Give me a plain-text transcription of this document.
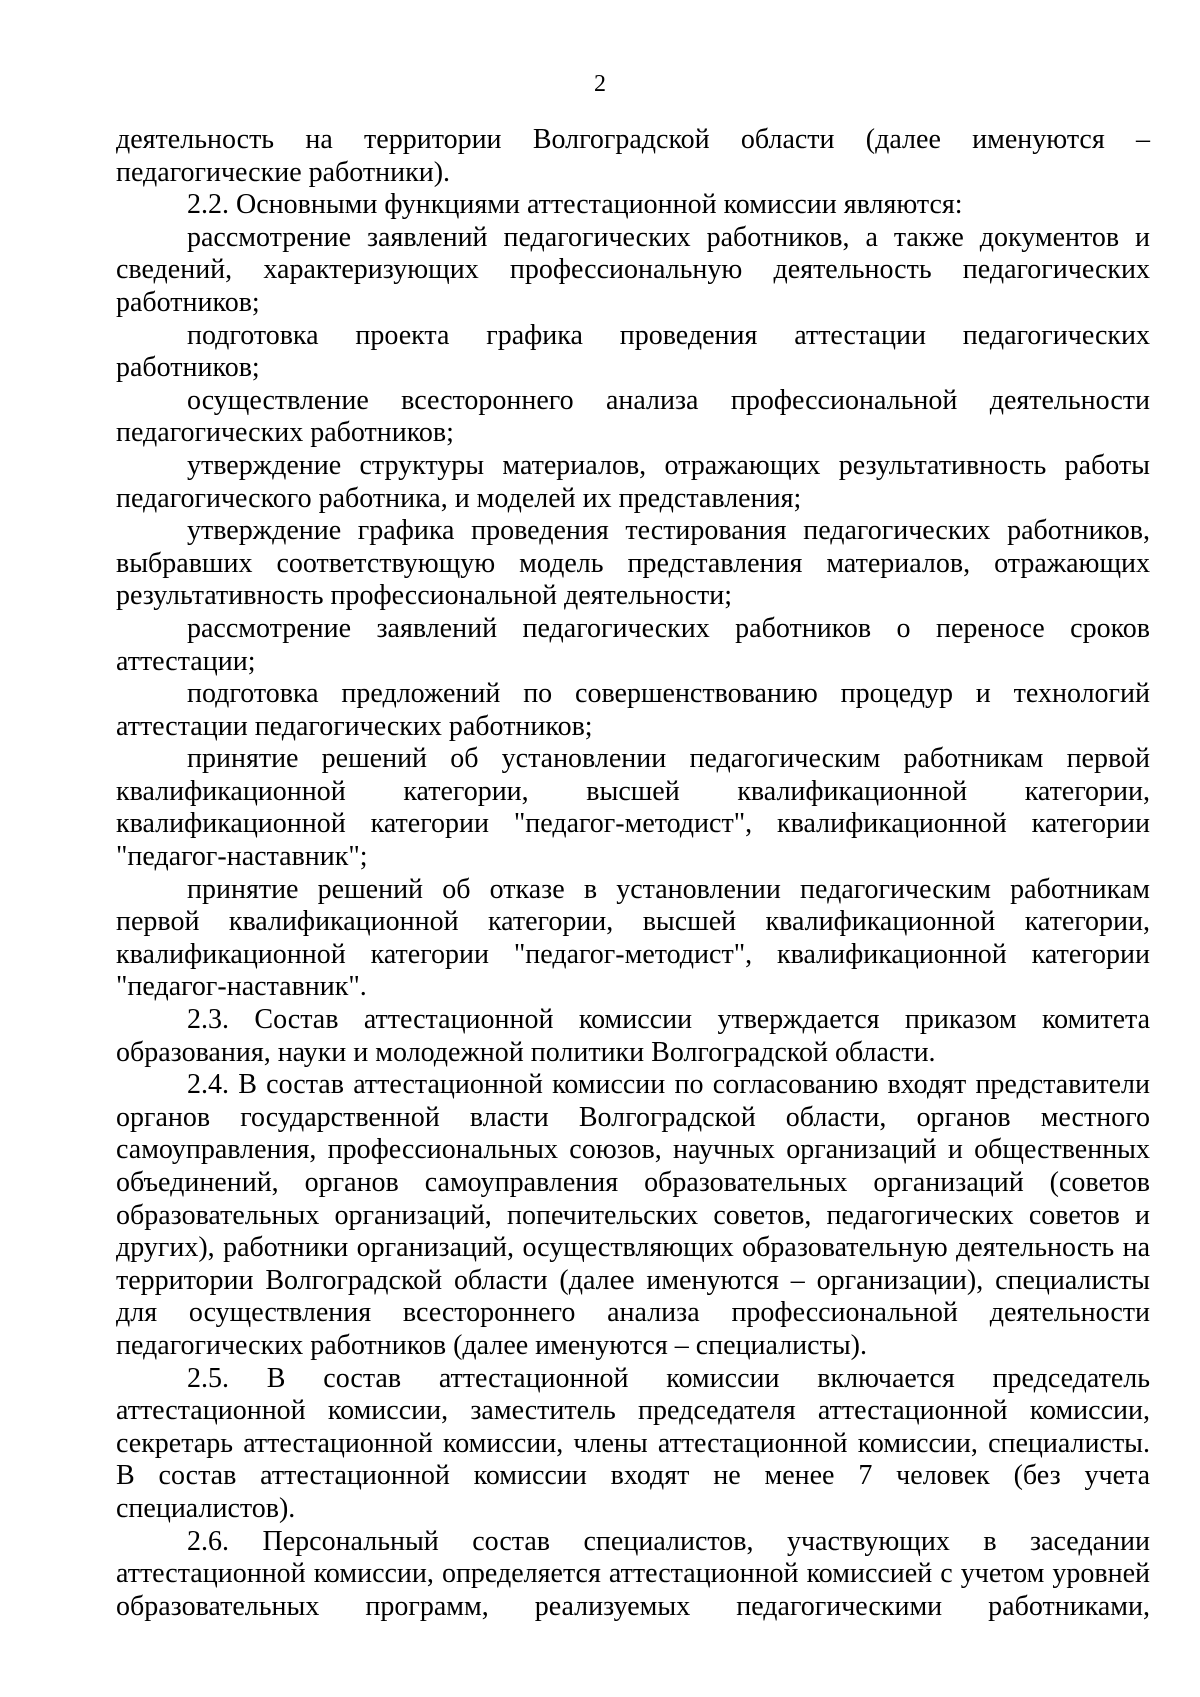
2

деятельность на территории Волгоградской области (далее именуются – педагогические работники).

2.2. Основными функциями аттестационной комиссии являются:

рассмотрение заявлений педагогических работников, а также документов и сведений, характеризующих профессиональную деятельность педагогических работников;

подготовка проекта графика проведения аттестации педагогических работников;

осуществление всестороннего анализа профессиональной деятельности педагогических работников;

утверждение структуры материалов, отражающих результативность работы педагогического работника, и моделей их представления;

утверждение графика проведения тестирования педагогических работников, выбравших соответствующую модель представления материалов, отражающих результативность профессиональной деятельности;

рассмотрение заявлений педагогических работников о переносе сроков аттестации;

подготовка предложений по совершенствованию процедур и технологий аттестации педагогических работников;

принятие решений об установлении педагогическим работникам первой квалификационной категории, высшей квалификационной категории, квалификационной категории "педагог-методист", квалификационной категории "педагог-наставник";

принятие решений об отказе в установлении педагогическим работникам первой квалификационной категории, высшей квалификационной категории, квалификационной категории "педагог-методист", квалификационной категории "педагог-наставник".

2.3. Состав аттестационной комиссии утверждается приказом комитета образования, науки и молодежной политики Волгоградской области.

2.4. В состав аттестационной комиссии по согласованию входят представители органов государственной власти Волгоградской области, органов местного самоуправления, профессиональных союзов, научных организаций и общественных объединений, органов самоуправления образовательных организаций (советов образовательных организаций, попечительских советов, педагогических советов и других), работники организаций, осуществляющих образовательную деятельность на территории Волгоградской области (далее именуются – организации), специалисты для осуществления всестороннего анализа профессиональной деятельности педагогических работников (далее именуются – специалисты).

2.5. В состав аттестационной комиссии включается председатель аттестационной комиссии, заместитель председателя аттестационной комиссии, секретарь аттестационной комиссии, члены аттестационной комиссии, специалисты. В состав аттестационной комиссии входят не менее 7 человек (без учета специалистов).

2.6. Персональный состав специалистов, участвующих в заседании аттестационной комиссии, определяется аттестационной комиссией с учетом уровней образовательных программ, реализуемых педагогическими работниками,
